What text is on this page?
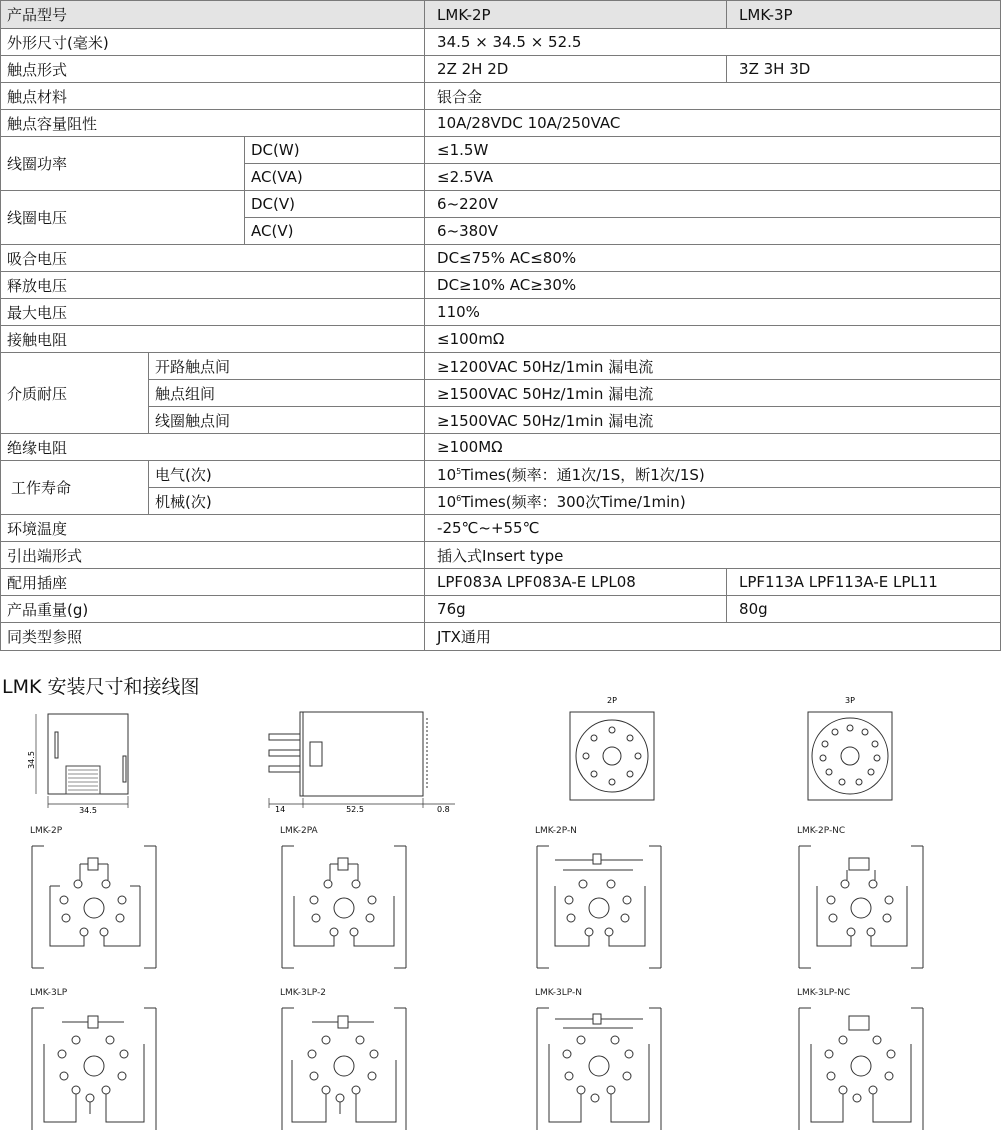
产品型号			LMK-2P	LMK-3P
外形尺寸(毫米)			34.5 × 34.5 × 52.5	
触点形式			2Z 2H 2D	3Z 3H 3D
触点材料			银合金	
触点容量阻性			10A/28VDC 10A/250VAC	
线圈功率		DC(W)	≤1.5W	
		AC(VA)	≤2.5VA	
线圈电压		DC(V)	6~220V	
		AC(V)	6~380V	
吸合电压			DC≤75% AC≤80%	
释放电压			DC≥10% AC≥30%	
最大电压			110%	
接触电阻			≤100mΩ	
介质耐压	开路触点间		≥1200VAC 50Hz/1min 漏电流	
	触点组间		≥1500VAC 50Hz/1min 漏电流	
	线圈触点间		≥1500VAC 50Hz/1min 漏电流	
绝缘电阻			≥100MΩ	
工作寿命	电气(次)		$10^5Times$(频率：通1次/1S，断1次/1S)	
	机械(次)		$10^6Times$(频率：300次Time/1min)	
环境温度			-25℃~+55℃	
引出端形式			插入式Insert type	
配用插座			LPF083A LPF083A-E LPL08	LPF113A LPF113A-E LPL11
产品重量(g)			76g	80g
同类型参照			JTX通用	
LMK 安装尺寸和接线图
34.5
34.5	14	52.5	0.8
2P	3P
LMK-2P	LMK-2PA	LMK-2P-N	LMK-2P-NC
LMK-3LP	LMK-3LP-2	LMK-3LP-N	LMK-3LP-NC
